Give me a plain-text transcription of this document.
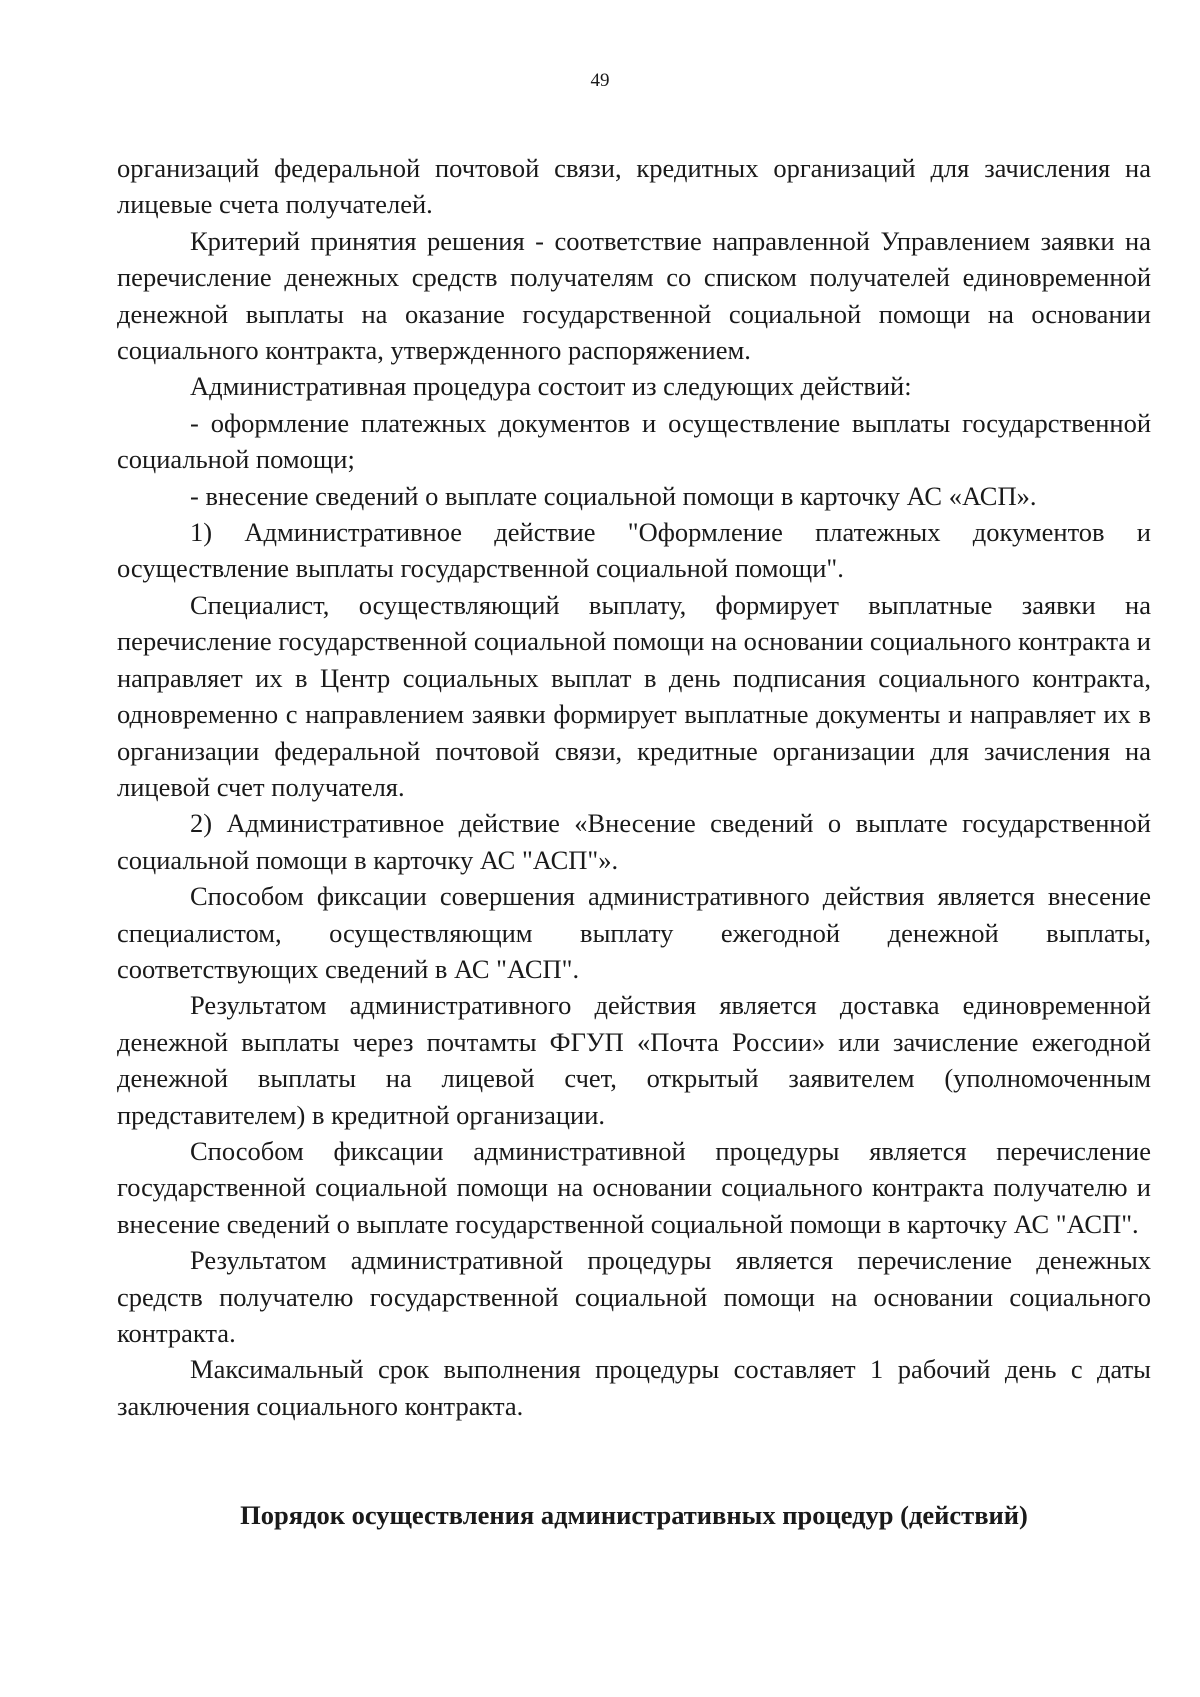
49

организаций федеральной почтовой связи, кредитных организаций для зачисления на лицевые счета получателей.

Критерий принятия решения - соответствие направленной Управлением заявки на перечисление денежных средств получателям со списком получателей единовременной денежной выплаты на оказание государственной социальной помощи на основании социального контракта, утвержденного распоряжением.

Административная процедура состоит из следующих действий:

- оформление платежных документов и осуществление выплаты государственной социальной помощи;

- внесение сведений о выплате социальной помощи в карточку АС «АСП».

1) Административное действие "Оформление платежных документов и осуществление выплаты государственной социальной помощи".

Специалист, осуществляющий выплату, формирует выплатные заявки на перечисление государственной социальной помощи на основании социального контракта и направляет их в Центр социальных выплат в день подписания социального контракта, одновременно с направлением заявки формирует выплатные документы и направляет их в организации федеральной почтовой связи, кредитные организации для зачисления на лицевой счет получателя.

2) Административное действие «Внесение сведений о выплате государственной социальной помощи в карточку АС "АСП"».

Способом фиксации совершения административного действия является внесение специалистом, осуществляющим выплату ежегодной денежной выплаты, соответствующих сведений в АС "АСП".

Результатом административного действия является доставка единовременной денежной выплаты через почтамты ФГУП «Почта России» или зачисление ежегодной денежной выплаты на лицевой счет, открытый заявителем (уполномоченным представителем) в кредитной организации.

Способом фиксации административной процедуры является перечисление государственной социальной помощи на основании социального контракта получателю и внесение сведений о выплате государственной социальной помощи в карточку АС "АСП".

Результатом административной процедуры является перечисление денежных средств получателю государственной социальной помощи на основании социального контракта.

Максимальный срок выполнения процедуры составляет 1 рабочий день с даты заключения социального контракта.

Порядок осуществления административных процедур (действий)
